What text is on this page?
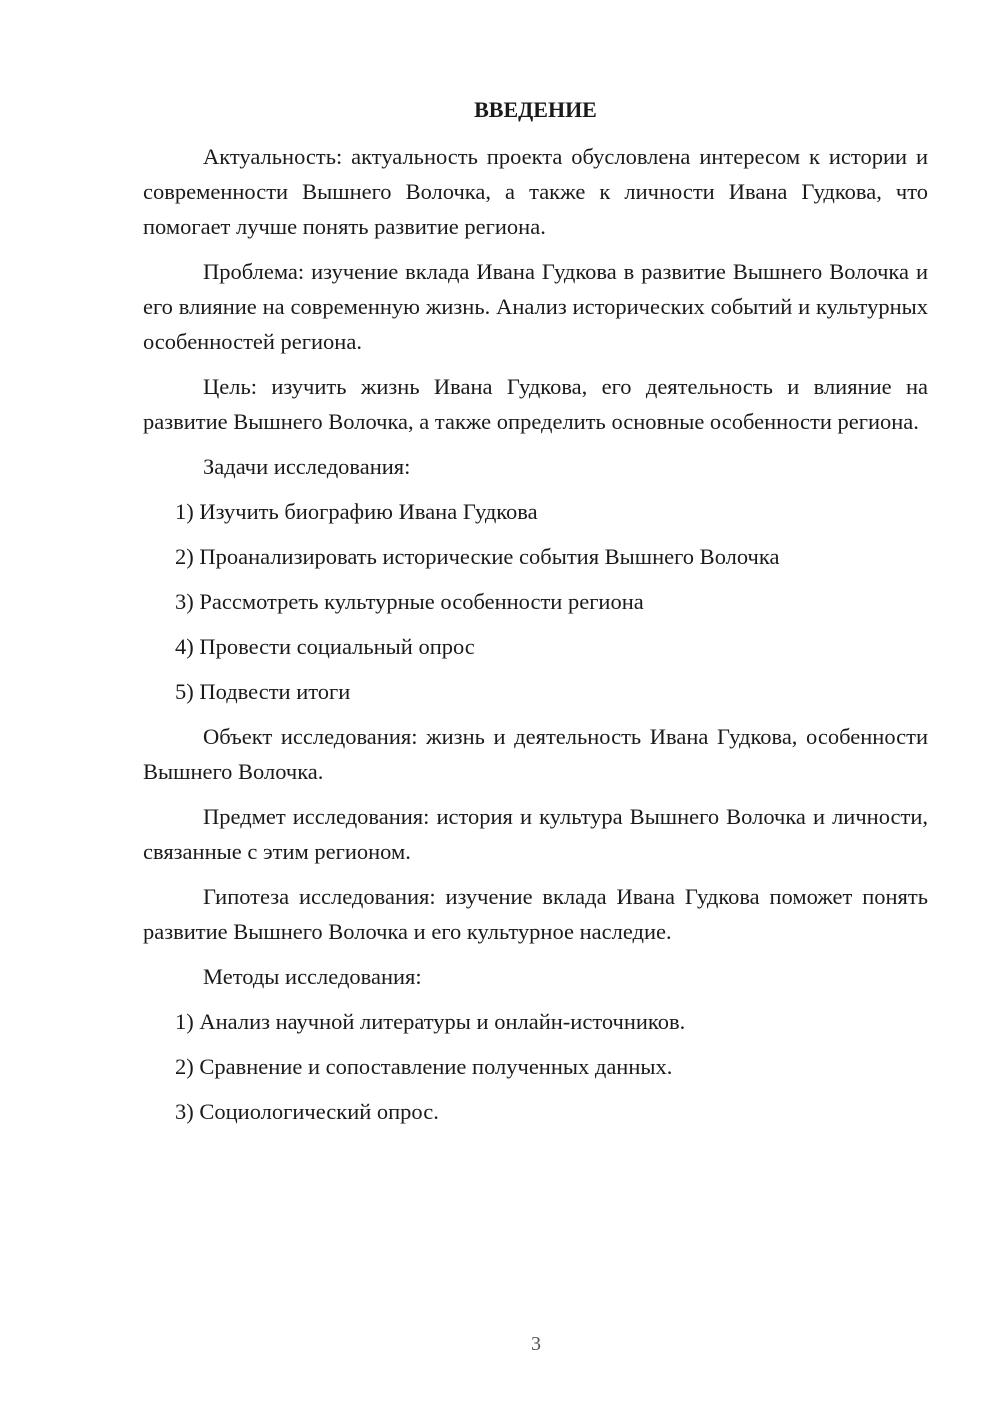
ВВЕДЕНИЕ

Актуальность: актуальность проекта обусловлена интересом к истории и современности Вышнего Волочка, а также к личности Ивана Гудкова, что помогает лучше понять развитие региона.

Проблема: изучение вклада Ивана Гудкова в развитие Вышнего Волочка и его влияние на современную жизнь. Анализ исторических событий и культурных особенностей региона.

Цель: изучить жизнь Ивана Гудкова, его деятельность и влияние на развитие Вышнего Волочка, а также определить основные особенности региона.

Задачи исследования:

1) Изучить биографию Ивана Гудкова
2) Проанализировать исторические события Вышнего Волочка
3) Рассмотреть культурные особенности региона
4) Провести социальный опрос
5) Подвести итоги

Объект исследования: жизнь и деятельность Ивана Гудкова, особенности Вышнего Волочка.

Предмет исследования: история и культура Вышнего Волочка и личности, связанные с этим регионом.

Гипотеза исследования: изучение вклада Ивана Гудкова поможет понять развитие Вышнего Волочка и его культурное наследие.

Методы исследования:

1) Анализ научной литературы и онлайн-источников.
2) Сравнение и сопоставление полученных данных.
3) Социологический опрос.
3
